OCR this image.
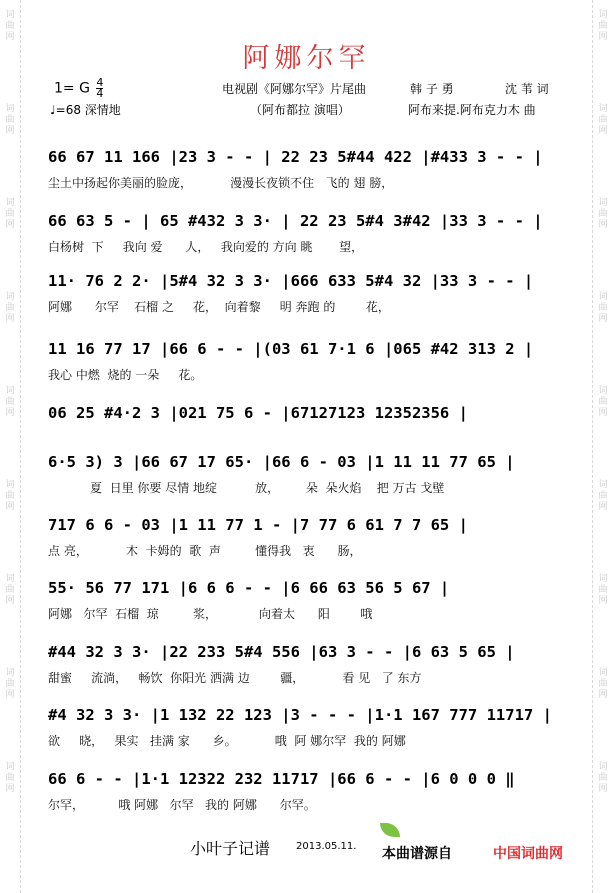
词
曲
网
词
曲
网
词
曲
网
词
曲
网
词
曲
网
词
曲
网
词
曲
网
词
曲
网
词
曲
网
词
曲
网
词
曲
网
词
曲
网
词
曲
网
词
曲
网
词
曲
网
词
曲
网
词
曲
网
词
曲
网
阿娜尔罕
1= G $\frac{4}{4}$
♩=68 深情地
电视剧《阿娜尔罕》片尾曲	韩 子 勇	沈 苇 词
（阿布都拉 演唱）	阿布来提.阿布克力木 曲
66 67 11 166 |23 3 - - | 22 23 5#44 422 |#433 3 - - |
尘土中扬起你美丽的脸庞，          漫漫长夜锁不住   飞的 翅 膀，
66 63 5 - | 65 #432 3 3· | 22 23 5#4 3#42 |33 3 - - |
白杨树  下     我向 爱      人，   我向爱的 方向 眺       望，
11· 76 2 2· |5#4 32 3 3· |666 633 5#4 32 |33 3 - - |
阿娜      尔罕    石榴 之     花，  向着黎     明 奔跑 的        花，
11 16 77 17 |66 6 - - |(03 61 7·1 6 |065 #42 313 2 |
我心 中燃  烧的 一朵     花。
06 25 #4·2 3 |021 75 6 - |67127123 12352356 |
6·5 3) 3 |66 67 17 65· |66 6 - 03 |1 11 11 77 65 |
夏  日里 你要 尽情 地绽          放，       朵  朵火焰    把 万古 戈壁
717 6 6 - 03 |1 11 77 1 - |7 77 6 61 7 7 65 |
点 亮，          木  卡姆的  歌  声         懂得我   衷      肠，
55· 56 77 171 |6 6 6 - - |6 66 63 56 5 67 |
阿娜   尔罕  石榴  琼         浆，           向着太      阳        哦
#44 32 3 3· |22 233 5#4 556 |63 3 - - |6 63 5 65 |
甜蜜     流淌，   畅饮  你阳光 洒满 边        疆，          看 见   了 东方
#4 32 3 3· |1 132 22 123 |3 - - - |1·1 167 777 11717 |
欲     晓，   果实   挂满 家      乡。          哦  阿 娜尔罕  我的 阿娜
66 6 - - |1·1 12322 232 11717 |66 6 - - |6 0 0 0 ‖
尔罕，         哦 阿娜   尔罕   我的 阿娜      尔罕。
小叶子记谱	2013.05.11. 本曲谱源自	中国词曲网
